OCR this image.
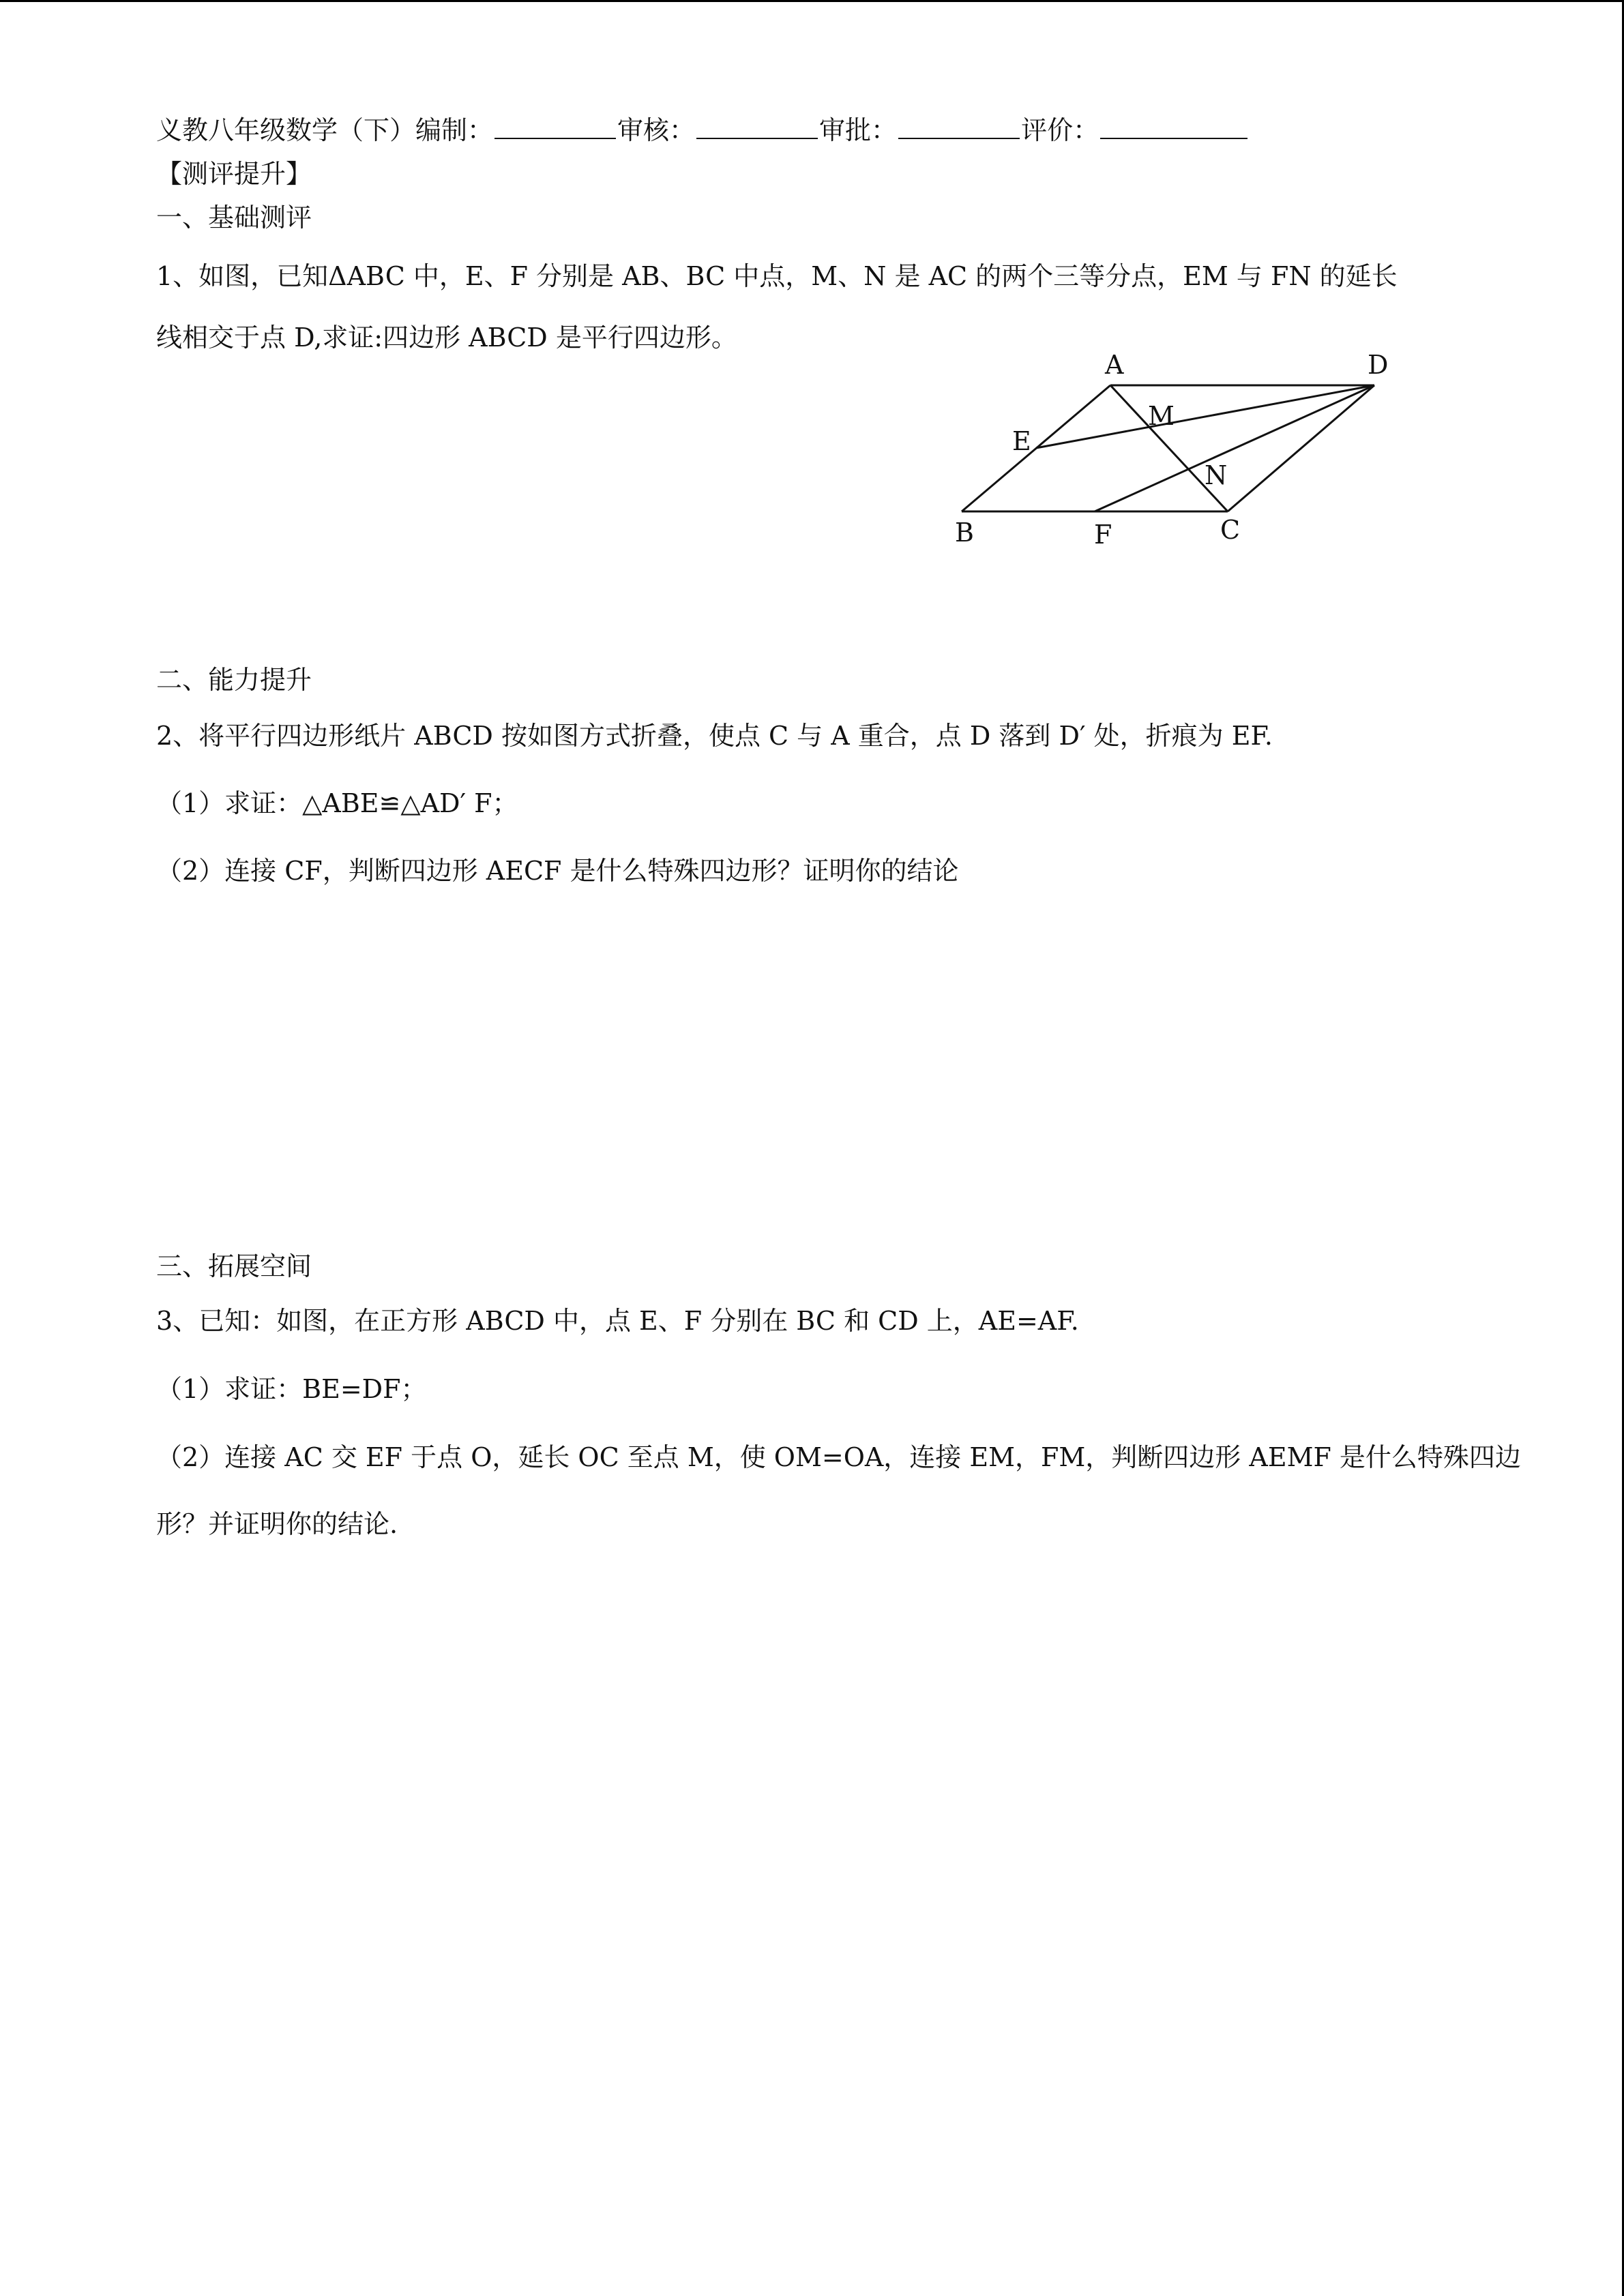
义教八年级数学（下）编制：	审核：	审批：	评价：
【测评提升】
一、基础测评
1、如图，已知ΔABC 中，E、F 分别是 AB、BC 中点，M、N 是 AC 的两个三等分点，EM 与 FN 的延长
线相交于点 D,求证:四边形 ABCD 是平行四边形。
A	D
M
E
N
B	F	C
二、能力提升
2、将平行四边形纸片 ABCD 按如图方式折叠，使点 C 与 A 重合，点 D 落到 D′ 处，折痕为 EF.
（1）求证：△ABE≌△AD′ F；
（2）连接 CF，判断四边形 AECF 是什么特殊四边形？证明你的结论
三、拓展空间
3、已知：如图，在正方形 ABCD 中，点 E、F 分别在 BC 和 CD 上，AE=AF.
（1）求证：BE=DF；
（2）连接 AC 交 EF 于点 O，延长 OC 至点 M，使 OM=OA，连接 EM，FM，判断四边形 AEMF 是什么特殊四边
形？并证明你的结论.
